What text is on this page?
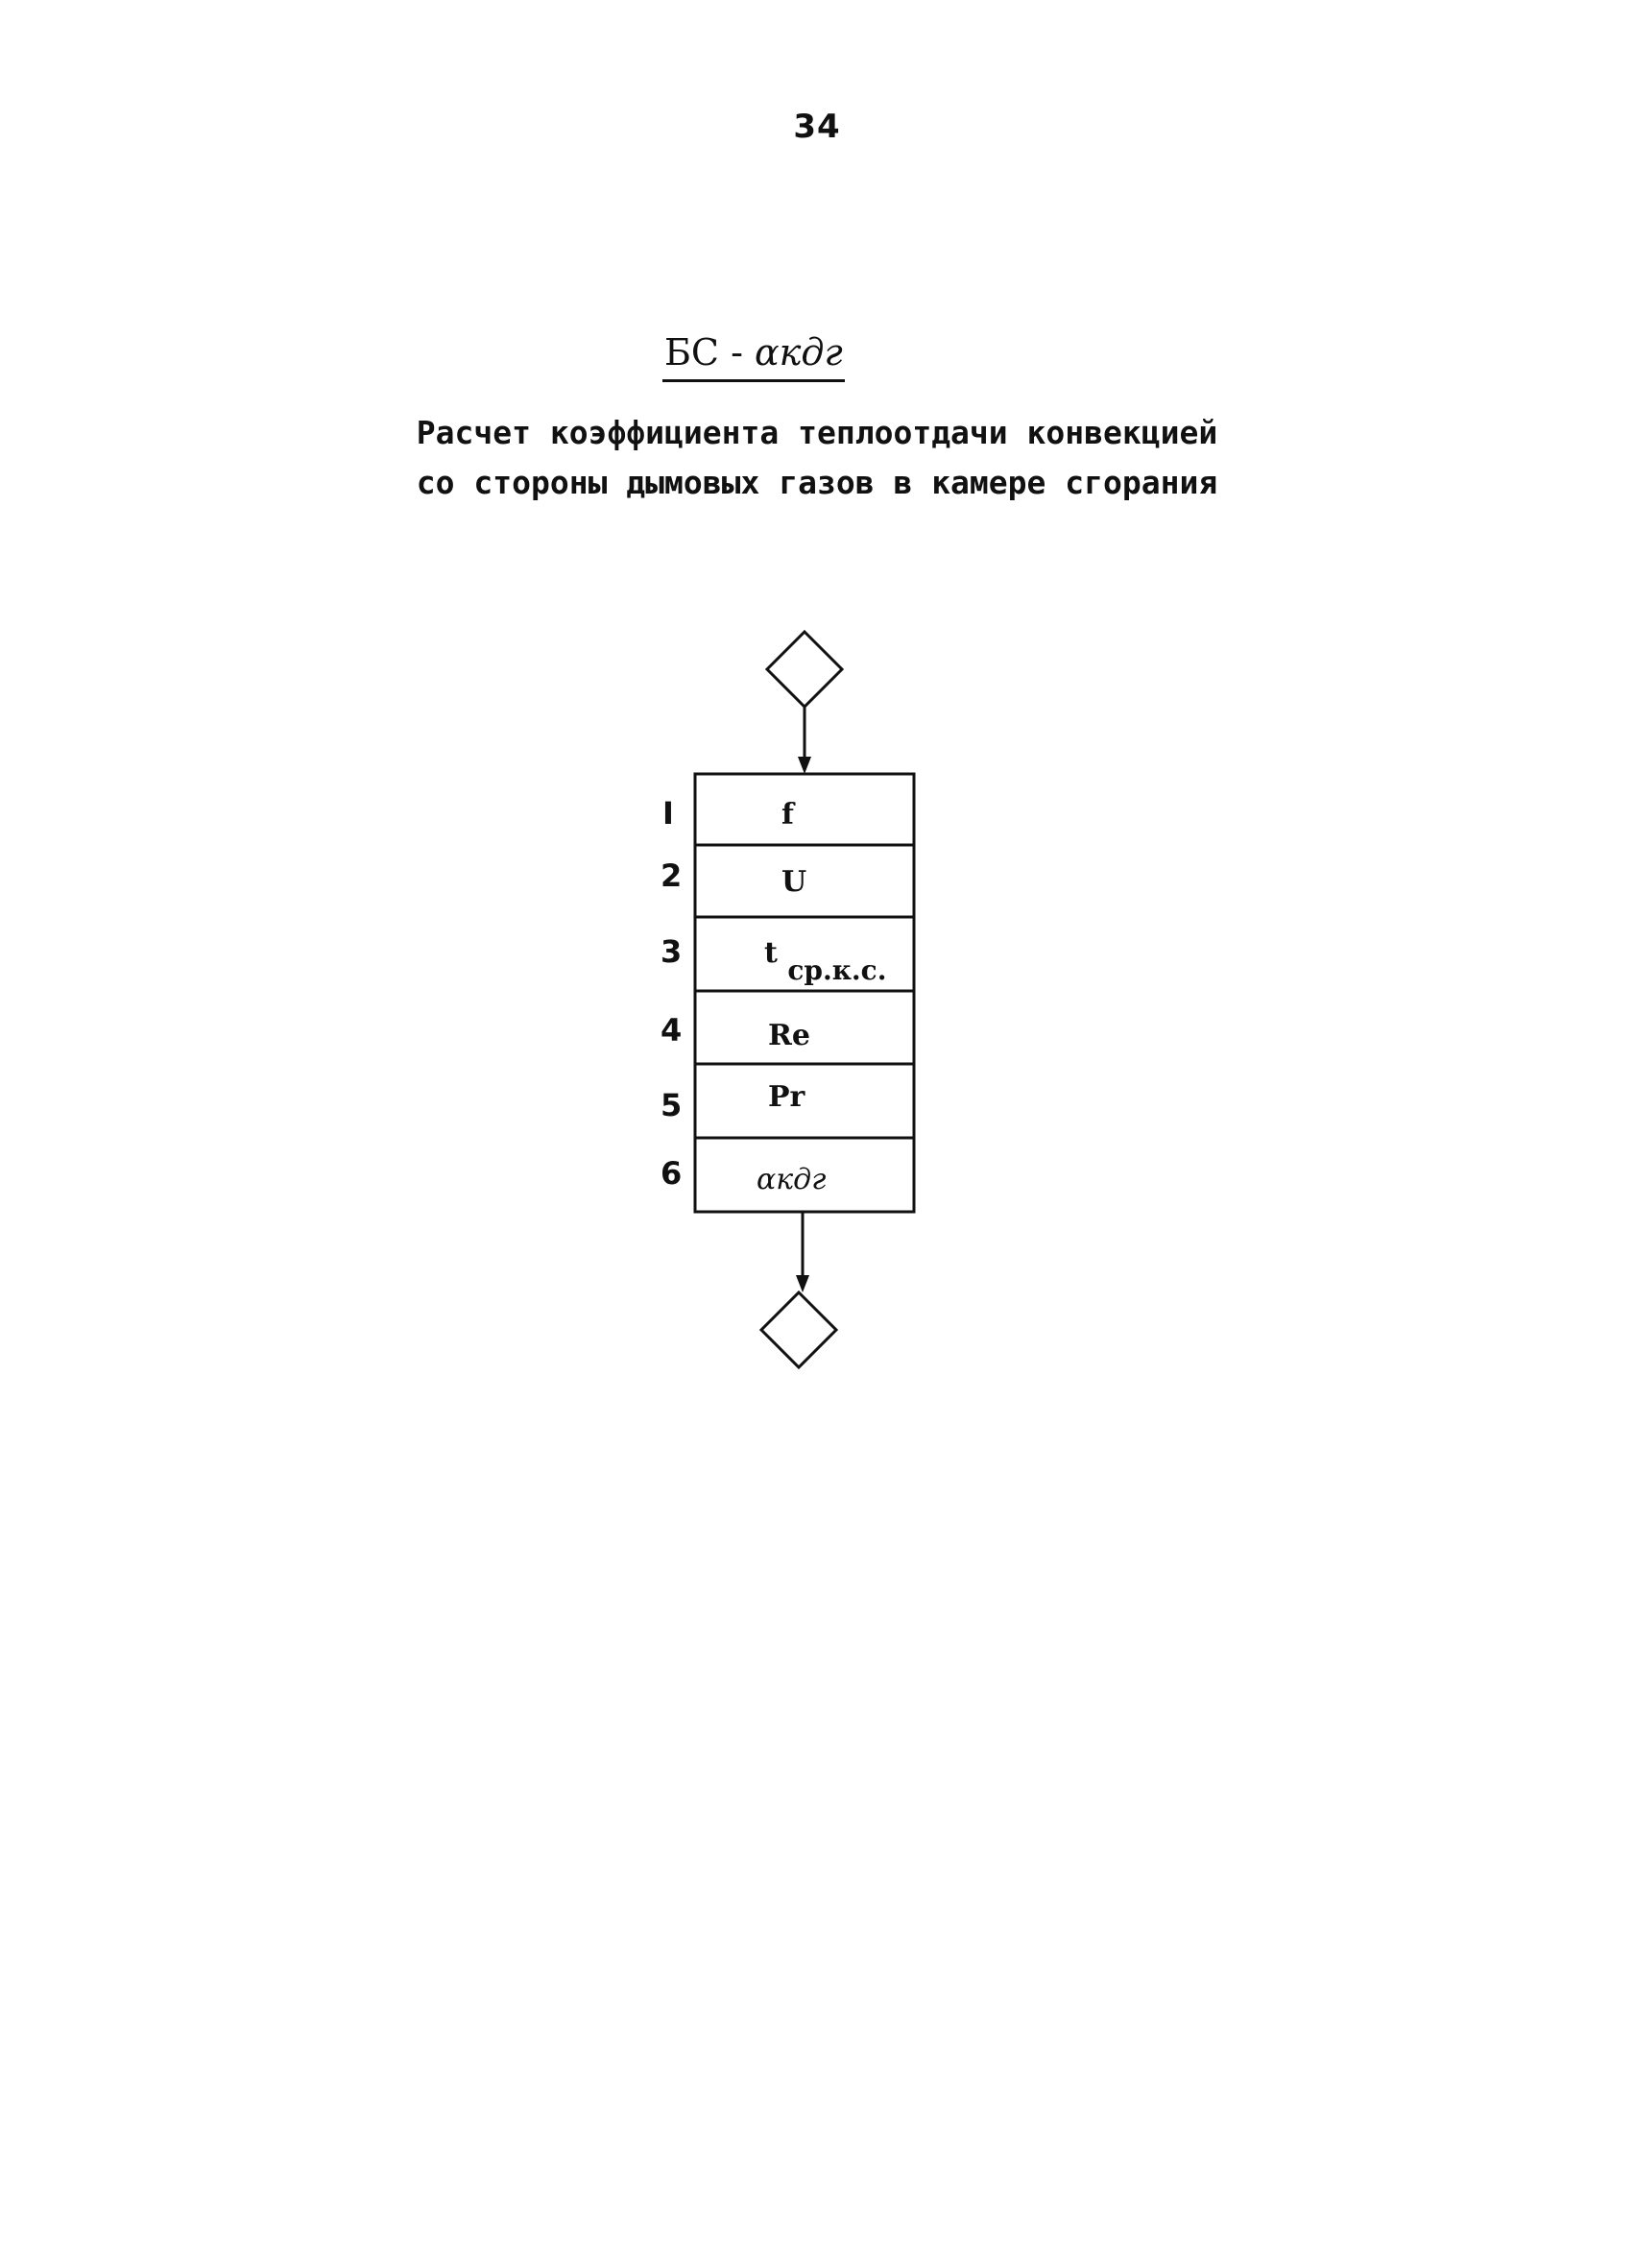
34
БС - αкдг
Расчет коэффициента теплоотдачи конвекцией
со стороны дымовых газов в камере сгорания
I
2
3
4
5
6
f
U
t ср.к.с.
Re
Pr
αкдг
